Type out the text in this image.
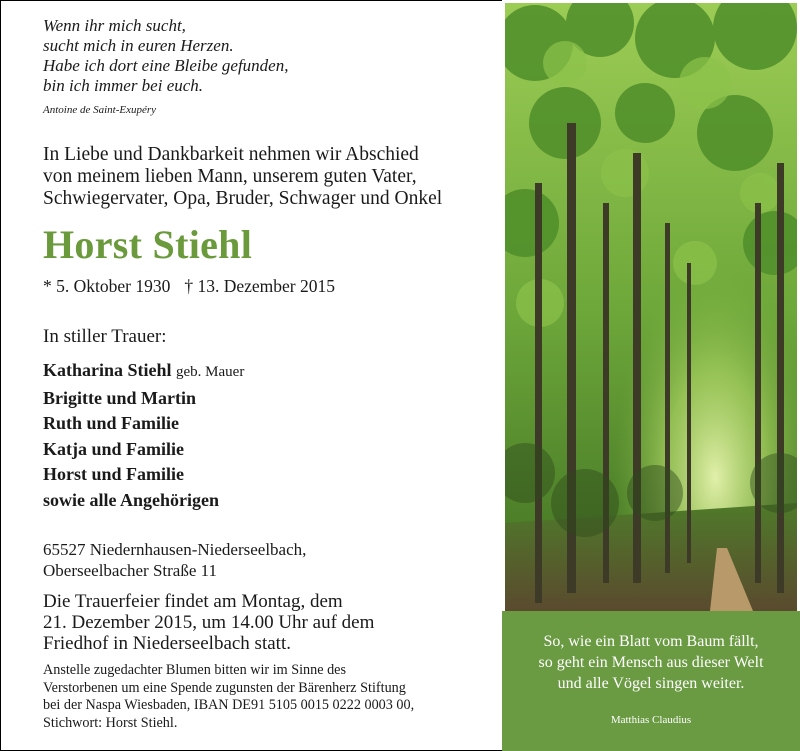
Wenn ihr mich sucht,
sucht mich in euren Herzen.
Habe ich dort eine Bleibe gefunden,
bin ich immer bei euch.
Antoine de Saint-Exupéry
In Liebe und Dankbarkeit nehmen wir Abschied
von meinem lieben Mann, unserem guten Vater,
Schwiegervater, Opa, Bruder, Schwager und Onkel
Horst Stiehl
* 5. Oktober 1930 † 13. Dezember 2015
In stiller Trauer:
Katharina Stiehl geb. Mauer
Brigitte und Martin
Ruth und Familie
Katja und Familie
Horst und Familie
sowie alle Angehörigen
65527 Niedernhausen-Niederseelbach,
Oberseelbacher Straße 11
Die Trauerfeier findet am Montag, dem
21. Dezember 2015, um 14.00 Uhr auf dem
Friedhof in Niederseelbach statt.
Anstelle zugedachter Blumen bitten wir im Sinne des
Verstorbenen um eine Spende zugunsten der Bärenherz Stiftung
bei der Naspa Wiesbaden, IBAN DE91 5105 0015 0222 0003 00,
Stichwort: Horst Stiehl.
So, wie ein Blatt vom Baum fällt,
so geht ein Mensch aus dieser Welt
und alle Vögel singen weiter.
Matthias Claudius
